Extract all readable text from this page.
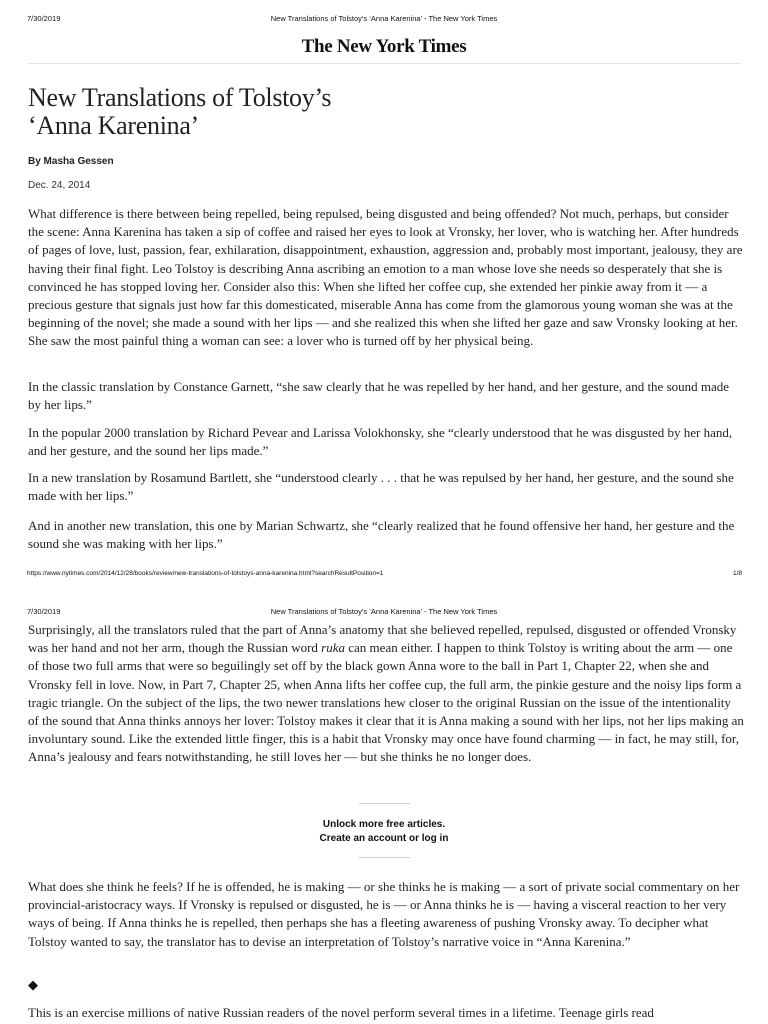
7/30/2019	New Translations of Tolstoy’s ‘Anna Karenina’ - The New York Times
The New York Times
New Translations of Tolstoy’s
‘Anna Karenina’
By Masha Gessen
Dec. 24, 2014

What difference is there between being repelled, being repulsed, being disgusted and being offended? Not much, perhaps, but consider the scene: Anna Karenina has taken a sip of coffee and raised her eyes to look at Vronsky, her lover, who is watching her. After hundreds of pages of love, lust, passion, fear, exhilaration, disappointment, exhaustion, aggression and, probably most important, jealousy, they are having their final fight. Leo Tolstoy is describing Anna ascribing an emotion to a man whose love she needs so desperately that she is convinced he has stopped loving her. Consider also this: When she lifted her coffee cup, she extended her pinkie away from it — a precious gesture that signals just how far this domesticated, miserable Anna has come from the glamorous young woman she was at the beginning of the novel; she made a sound with her lips — and she realized this when she lifted her gaze and saw Vronsky looking at her. She saw the most painful thing a woman can see: a lover who is turned off by her physical being.

In the classic translation by Constance Garnett, “she saw clearly that he was repelled by her hand, and her gesture, and the sound made by her lips.”

In the popular 2000 translation by Richard Pevear and Larissa Volokhonsky, she “clearly understood that he was disgusted by her hand, and her gesture, and the sound her lips made.”

In a new translation by Rosamund Bartlett, she “understood clearly . . . that he was repulsed by her hand, her gesture, and the sound she made with her lips.”

And in another new translation, this one by Marian Schwartz, she “clearly realized that he found offensive her hand, her gesture and the sound she was making with her lips.”

https://www.nytimes.com/2014/12/28/books/review/new-translations-of-tolstoys-anna-karenina.html?searchResultPosition=1	1/8
7/30/2019	New Translations of Tolstoy’s ‘Anna Karenina’ - The New York Times

Surprisingly, all the translators ruled that the part of Anna’s anatomy that she believed repelled, repulsed, disgusted or offended Vronsky was her hand and not her arm, though the Russian word ruka can mean either. I happen to think Tolstoy is writing about the arm — one of those two full arms that were so beguilingly set off by the black gown Anna wore to the ball in Part 1, Chapter 22, when she and Vronsky fell in love. Now, in Part 7, Chapter 25, when Anna lifts her coffee cup, the full arm, the pinkie gesture and the noisy lips form a tragic triangle. On the subject of the lips, the two newer translations hew closer to the original Russian on the issue of the intentionality of the sound that Anna thinks annoys her lover: Tolstoy makes it clear that it is Anna making a sound with her lips, not her lips making an involuntary sound. Like the extended little finger, this is a habit that Vronsky may once have found charming — in fact, he may still, for, Anna’s jealousy and fears notwithstanding, he still loves her — but she thinks he no longer does.

Unlock more free articles.
Create an account or log in

What does she think he feels? If he is offended, he is making — or she thinks he is making — a sort of private social commentary on her provincial-aristocracy ways. If Vronsky is repulsed or disgusted, he is — or Anna thinks he is — having a visceral reaction to her very ways of being. If Anna thinks he is repelled, then perhaps she has a fleeting awareness of pushing Vronsky away. To decipher what Tolstoy wanted to say, the translator has to devise an interpretation of Tolstoy’s narrative voice in “Anna Karenina.”

◆

This is an exercise millions of native Russian readers of the novel perform several times in a lifetime. Teenage girls read
